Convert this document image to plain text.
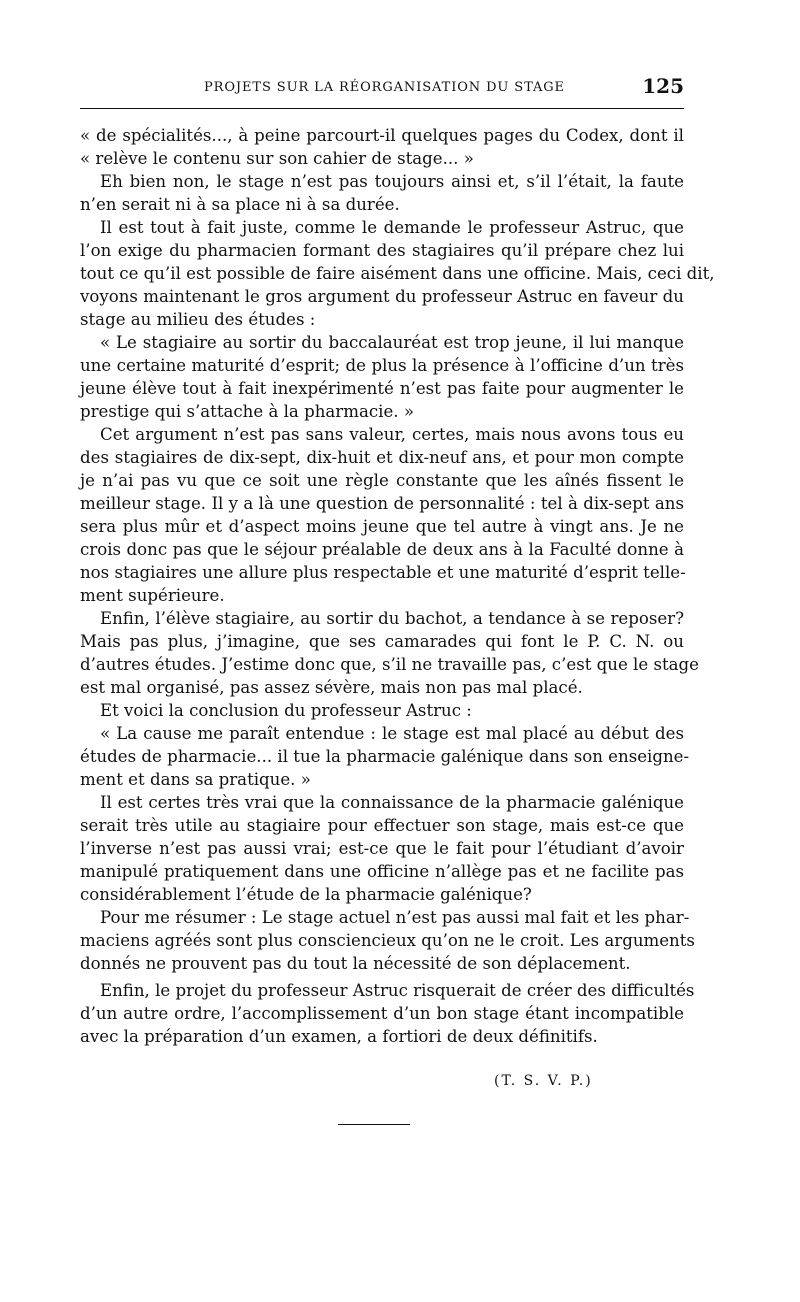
PROJETS SUR LA RÉORGANISATION DU STAGE	125
« de spécialités..., à peine parcourt-il quelques pages du Codex, dont il
« relève le contenu sur son cahier de stage... »
Eh bien non, le stage n’est pas toujours ainsi et, s’il l’était, la faute
n’en serait ni à sa place ni à sa durée.
Il est tout à fait juste, comme le demande le professeur Astruc, que
l’on exige du pharmacien formant des stagiaires qu’il prépare chez lui
tout ce qu’il est possible de faire aisément dans une officine. Mais, ceci dit,
voyons maintenant le gros argument du professeur Astruc en faveur du
stage au milieu des études :
« Le stagiaire au sortir du baccalauréat est trop jeune, il lui manque
une certaine maturité d’esprit; de plus la présence à l’officine d’un très
jeune élève tout à fait inexpérimenté n’est pas faite pour augmenter le
prestige qui s’attache à la pharmacie. »
Cet argument n’est pas sans valeur, certes, mais nous avons tous eu
des stagiaires de dix-sept, dix-huit et dix-neuf ans, et pour mon compte
je n’ai pas vu que ce soit une règle constante que les aînés fissent le
meilleur stage. Il y a là une question de personnalité : tel à dix-sept ans
sera plus mûr et d’aspect moins jeune que tel autre à vingt ans. Je ne
crois donc pas que le séjour préalable de deux ans à la Faculté donne à
nos stagiaires une allure plus respectable et une maturité d’esprit telle-
ment supérieure.
Enfin, l’élève stagiaire, au sortir du bachot, a tendance à se reposer?
Mais pas plus, j’imagine, que ses camarades qui font le P. C. N. ou
d’autres études. J’estime donc que, s’il ne travaille pas, c’est que le stage
est mal organisé, pas assez sévère, mais non pas mal placé.
Et voici la conclusion du professeur Astruc :
« La cause me paraît entendue : le stage est mal placé au début des
études de pharmacie... il tue la pharmacie galénique dans son enseigne-
ment et dans sa pratique. »
Il est certes très vrai que la connaissance de la pharmacie galénique
serait très utile au stagiaire pour effectuer son stage, mais est-ce que
l’inverse n’est pas aussi vrai; est-ce que le fait pour l’étudiant d’avoir
manipulé pratiquement dans une officine n’allège pas et ne facilite pas
considérablement l’étude de la pharmacie galénique?
Pour me résumer : Le stage actuel n’est pas aussi mal fait et les phar-
maciens agréés sont plus consciencieux qu’on ne le croit. Les arguments
donnés ne prouvent pas du tout la nécessité de son déplacement.
Enfin, le projet du professeur Astruc risquerait de créer des difficultés
d’un autre ordre, l’accomplissement d’un bon stage étant incompatible
avec la préparation d’un examen, a fortiori de deux définitifs.
(T. S. V. P.)
